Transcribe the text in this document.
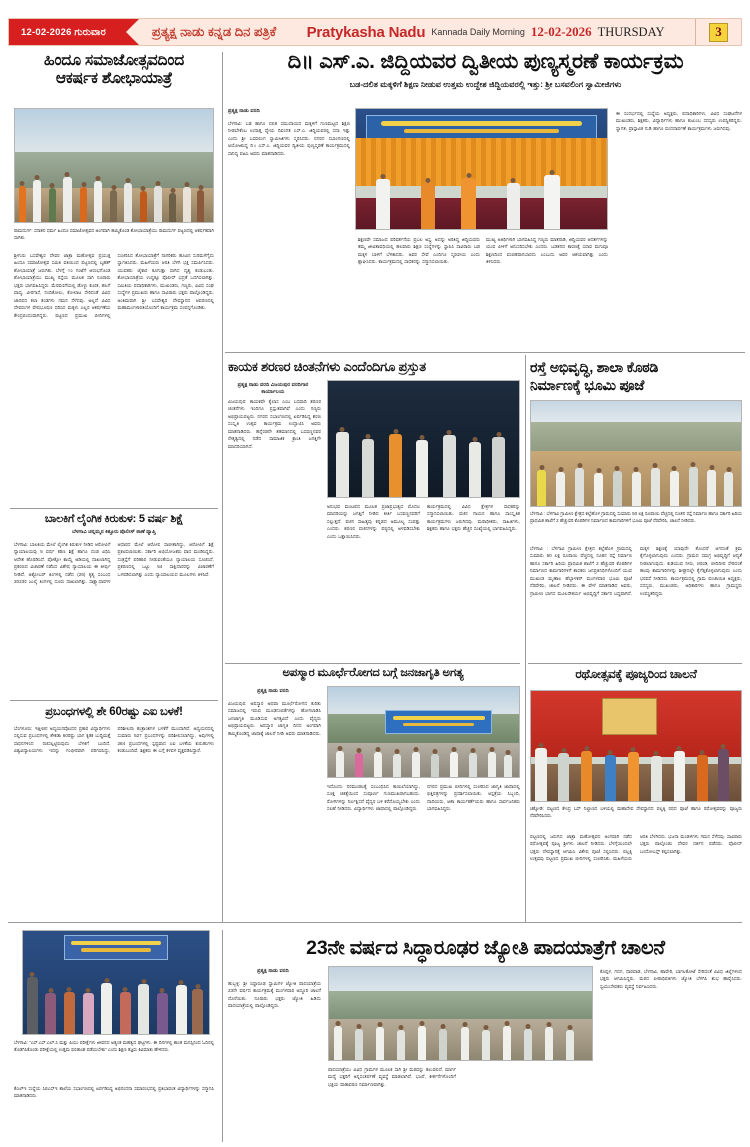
12-02-2026 ಗುರುವಾರ	ಪ್ರತ್ಯಕ್ಷ ನಾಡು ಕನ್ನಡ ದಿನ ಪತ್ರಿಕೆ Pratykasha Nadu Kannada Daily Morning 12-02-2026 THURSDAY	3
ಹಿಂದೂ ಸಮಾಜೋತ್ಸವದಿಂದ
ಆಕರ್ಷಕ ಶೋಭಾಯಾತ್ರೆ
ರಾಮದುರ್ಗ: ಸನಾತನ ಧರ್ಮ ಹಿಂದೂ ಸಮಾಜೋತ್ಸವದ ಅಂಗವಾಗಿ ಹಮ್ಮಿಕೊಂಡ ಶೋಭಾಯಾತ್ರೆಯು ರಾಮದುರ್ಗ ಪಟ್ಟಣದಲ್ಲಿ ಆಕರ್ಷಕವಾಗಿ ಸಾಗಿತು.
ಶ್ರೀಗುರು ಬಸವೇಶ್ವರ ದೇವರ ಜಾತ್ರಾ ಮಹೋತ್ಸವ ಪ್ರಯುಕ್ತ ಹಿಂದೂ ಸಮಾಜೋತ್ಸವ ಸಮಿತಿ ವತಿಯಿಂದ ಪಟ್ಟಣದಲ್ಲಿ ಬೃಹತ್ ಶೋಭಾಯಾತ್ರೆ ಜರುಗಿತು. ಬೆಳಗ್ಗೆ ೧೦ ಗಂಟೆಗೆ ಆರಂಭಗೊಂಡ ಶೋಭಾಯಾತ್ರೆಯು ಮುಖ್ಯ ರಸ್ತೆಯ ಮೂಲಕ ಸಾಗಿ ನೂರಾರು ಭಕ್ತರು ಭಾಗವಹಿಸಿದ್ದರು. ಮೆರವಣಿಗೆಯಲ್ಲಿ ಡೊಳ್ಳು ಕುಣಿತ, ಹಲಗೆ ವಾದ್ಯ, ವೀರಗಾಸೆ, ನಂದಿಕೋಲು, ಕೋಲಾಟ ಸೇರಿದಂತೆ ವಿವಿಧ ಜಾನಪದ ಕಲಾ ತಂಡಗಳು ಗಮನ ಸೆಳೆದವು. ಅಲ್ಲದೆ ವಿವಿಧ ದೇವರುಗಳ ವೇಷಭೂಷಣ ಧರಿಸಿದ ಮಕ್ಕಳು ಎಲ್ಲರ ಆಕರ್ಷಣೆಯ ಕೇಂದ್ರಬಿಂದುವಾಗಿದ್ದರು. ಪಟ್ಟಣದ ಪ್ರಮುಖ ಬೀದಿಗಳಲ್ಲಿ ಸಂಚರಿಸಿದ ಶೋಭಾಯಾತ್ರೆಗೆ ನಾಗರಿಕರು ಹೂವಿನ ಸುರಿಮಳೆಗೈದು ಸ್ವಾಗತಿಸಿದರು. ಮಹಿಳೆಯರು ಆರತಿ ಬೆಳಗಿ ಭಕ್ತಿ ಸಮರ್ಪಿಸಿದರು. ಯುವಕರು ಜೈಕಾರ ಕೂಗುತ್ತಾ ಸಾಗಿದ ದೃಶ್ಯ ಕಂಡುಬಂತು. ಶೋಭಾಯಾತ್ರೆಯ ಉದ್ದಕ್ಕೂ ಪೊಲೀಸ್ ಭದ್ರತೆ ಒದಗಿಸಲಾಗಿತ್ತು. ಸಮಿತಿಯ ಪದಾಧಿಕಾರಿಗಳು, ಮುಖಂಡರು, ಗಣ್ಯರು, ವಿವಿಧ ಸಂಘ ಸಂಸ್ಥೆಗಳ ಪ್ರಮುಖರು ಹಾಗೂ ಸಾವಿರಾರು ಭಕ್ತರು ಪಾಲ್ಗೊಂಡಿದ್ದರು. ಅಂತಿಮವಾಗಿ ಶ್ರೀ ಬಸವೇಶ್ವರ ದೇವಸ್ಥಾನದ ಆವರಣದಲ್ಲಿ ಮಹಾಮಂಗಳಾರತಿಯೊಂದಿಗೆ ಕಾರ್ಯಕ್ರಮ ಸಂಪನ್ನಗೊಂಡಿತು.
ಬಾಲಕಿಗೆ ಲೈಂಗಿಕ ಕಿರುಕುಳ: 5 ವರ್ಷ ಶಿಕ್ಷೆ
ಬೆಳಗಾವಿ ಚನ್ನಮ್ಮನ ಕಿತ್ತೂರು ಪೊಲೀಸ್ ಠಾಣೆ ವ್ಯಾಪ್ತಿ
ಬೆಳಗಾವಿ: ಬಾಲಕಿಯ ಮೇಲೆ ಲೈಂಗಿಕ ಕಿರುಕುಳ ನೀಡಿದ ಆರೋಪಿಗೆ ನ್ಯಾಯಾಲಯವು 5 ವರ್ಷ ಕಠಿಣ ಶಿಕ್ಷೆ ಹಾಗೂ ದಂಡ ವಿಧಿಸಿ ಆದೇಶ ಹೊರಡಿಸಿದೆ. ಪೋಕ್ಸೋ ಕಾಯ್ದೆ ಅಡಿಯಲ್ಲಿ ದಾಖಲಾಗಿದ್ದ ಪ್ರಕರಣದ ವಿಚಾರಣೆ ನಡೆಸಿದ ವಿಶೇಷ ನ್ಯಾಯಾಲಯ ಈ ತೀರ್ಪು ನೀಡಿದೆ. ಅಕ್ಟೋಬರ್ ತಿಂಗಳಲ್ಲಿ ನಡೆದ (26) ಕೃತ್ಯ ಸಂಬಂಧ 2023ರ ಜುಲೈ ತಿಂಗಳಲ್ಲಿ ದೂರು ದಾಖಲಾಗಿತ್ತು. ಸಾಕ್ಷ್ಯಾಧಾರಗಳ ಆಧಾರದ ಮೇಲೆ ಆರೋಪ ಸಾಬೀತಾಗಿದ್ದು, ಆರೋಪಿಗೆ ಶಿಕ್ಷೆ ಪ್ರಕಟಿಸಲಾಯಿತು. ಸರ್ಕಾರಿ ಅಭಿಯೋಜಕರು ವಾದ ಮಂಡಿಸಿದ್ದರು. ಸಂತ್ರಸ್ತೆಗೆ ಪರಿಹಾರ ನೀಡುವಂತೆಯೂ ನ್ಯಾಯಾಲಯ ಸೂಚಿಸಿದೆ. ಪ್ರಕರಣದಲ್ಲಿ ಒಟ್ಟು 54 ಸಾಕ್ಷಿದಾರರನ್ನು ವಿಚಾರಣೆಗೆ ಒಳಪಡಿಸಲಾಗಿತ್ತು ಎಂದು ನ್ಯಾಯಾಲಯದ ಮೂಲಗಳು ತಿಳಿಸಿವೆ.
ಪ್ರಬಂಧಗಳಲ್ಲಿ ಶೇ 60ರಷ್ಟು ಎಐ ಬಳಕೆ!
ಬೆಂಗಳೂರು: ಇತ್ತೀಚಿನ ಅಧ್ಯಯನವೊಂದರ ಪ್ರಕಾರ ವಿದ್ಯಾರ್ಥಿಗಳು ಸಲ್ಲಿಸುವ ಪ್ರಬಂಧಗಳಲ್ಲಿ ಶೇಕಡಾ 60ರಷ್ಟು ಭಾಗ ಕೃತಕ ಬುದ್ಧಿಮತ್ತೆ ಸಾಧನಗಳಿಂದ ರಚಿಸಲ್ಪಟ್ಟಿರುವುದು ಬೆಳಕಿಗೆ ಬಂದಿದೆ. ವಿಶ್ವವಿದ್ಯಾಲಯಗಳು ಇದನ್ನು ಗಂಭೀರವಾಗಿ ಪರಿಗಣಿಸಿದ್ದು, ಪರಿಶೀಲನಾ ತಂತ್ರಾಂಶಗಳ ಬಳಕೆಗೆ ಮುಂದಾಗಿವೆ. ಅಧ್ಯಯನದಲ್ಲಿ ಸುಮಾರು 527 ಪ್ರಬಂಧಗಳನ್ನು ಪರಿಶೀಲಿಸಲಾಗಿದ್ದು, ಅವುಗಳಲ್ಲಿ 284 ಪ್ರಬಂಧಗಳಲ್ಲಿ ಸ್ಪಷ್ಟವಾದ ಎಐ ಬಳಕೆಯ ಕುರುಹುಗಳು ಕಂಡುಬಂದಿವೆ. ಶಿಕ್ಷಕರು ಈ ಬಗ್ಗೆ ಕಳವಳ ವ್ಯಕ್ತಪಡಿಸಿದ್ದಾರೆ.
ದಿ॥ ಎಸ್.ಎ. ಜಿದ್ದಿಯವರ ದ್ವಿತೀಯ ಪುಣ್ಯಸ್ಮರಣೆ ಕಾರ್ಯಕ್ರಮ
ಬಡ-ದಲಿತ ಮಕ್ಕಳಿಗೆ ಶಿಕ್ಷಣ ನೀಡುವ ಉತ್ತಮ ಉದ್ದೇಶ ಜಿದ್ದಿಯವರಲ್ಲಿ ಇತ್ತು: ಶ್ರೀ ಬಸವಲಿಂಗ ಸ್ವಾಮೀಜಿಗಳು
ಪ್ರತ್ಯಕ್ಷ ನಾಡು ವರದಿ
ಬೆಳಗಾವಿ: ಬಡ ಹಾಗೂ ದಲಿತ ಸಮುದಾಯದ ಮಕ್ಕಳಿಗೆ ಗುಣಮಟ್ಟದ ಶಿಕ್ಷಣ ನೀಡಬೇಕೆಂಬ ಉದಾತ್ತ ಧ್ಯೇಯ ದಿವಂಗತ ಎಸ್.ಎ. ಜಿದ್ದಿಯವರಲ್ಲಿ ಸದಾ ಇತ್ತು ಎಂದು ಶ್ರೀ ಬಸವಲಿಂಗ ಸ್ವಾಮೀಜಿಗಳು ಸ್ಮರಿಸಿದರು. ನಗರದ ಸಭಾಂಗಣದಲ್ಲಿ ಆಯೋಜಿಸಿದ್ದ ದಿ॥ ಎಸ್.ಎ. ಜಿದ್ದಿಯವರ ದ್ವಿತೀಯ ಪುಣ್ಯಸ್ಮರಣೆ ಕಾರ್ಯಕ್ರಮದಲ್ಲಿ ಸಾನಿಧ್ಯ ವಹಿಸಿ ಅವರು ಮಾತನಾಡಿದರು.
ಶಿಕ್ಷಣವೇ ಸಮಾಜದ ಪರಿವರ್ತನೆಯ ಪ್ರಬಲ ಅಸ್ತ್ರ. ಅದನ್ನು ಅರಿತಿದ್ದ ಜಿದ್ದಿಯವರು ತಮ್ಮ ಜೀವಿತಾವಧಿಯಲ್ಲಿ ಹಲವಾರು ಶಿಕ್ಷಣ ಸಂಸ್ಥೆಗಳನ್ನು ಸ್ಥಾಪಿಸಿ ಸಾವಿರಾರು ಬಡ ಮಕ್ಕಳ ಬಾಳಿಗೆ ಬೆಳಕಾದರು. ಅವರ ಸೇವೆ ಎಂದಿಗೂ ಸ್ಮರಣೀಯ ಎಂದು ಶ್ಲಾಘಿಸಿದರು. ಕಾರ್ಯಕ್ರಮದಲ್ಲಿ ಸಾಧಕರನ್ನು ಸನ್ಮಾನಿಸಲಾಯಿತು.
ಮುಖ್ಯ ಅತಿಥಿಗಳಾಗಿ ಭಾಗವಹಿಸಿದ್ದ ಗಣ್ಯರು ಮಾತನಾಡಿ, ಜಿದ್ದಿಯವರ ಆದರ್ಶಗಳನ್ನು ಯುವ ಪೀಳಿಗೆ ಅನುಸರಿಸಬೇಕು ಎಂದರು. ಬಡತನದ ಕಾರಣಕ್ಕೆ ಯಾವ ಮಗುವೂ ಶಿಕ್ಷಣದಿಂದ ವಂಚಿತವಾಗಬಾರದು ಎಂಬುದು ಅವರ ಆಶಯವಾಗಿತ್ತು ಎಂದು ತಿಳಿಸಿದರು.
ಈ ಸಂದರ್ಭದಲ್ಲಿ ಸಂಸ್ಥೆಯ ಅಧ್ಯಕ್ಷರು, ಪದಾಧಿಕಾರಿಗಳು, ವಿವಿಧ ಸಂಘಟನೆಗಳ ಮುಖಂಡರು, ಶಿಕ್ಷಕರು, ವಿದ್ಯಾರ್ಥಿಗಳು ಹಾಗೂ ಕುಟುಂಬ ಸದಸ್ಯರು ಉಪಸ್ಥಿತರಿದ್ದರು. ಸ್ವಾಗತ, ಪ್ರಾಸ್ತಾವಿಕ ನುಡಿ ಹಾಗೂ ವಂದನಾರ್ಪಣೆ ಕಾರ್ಯಕ್ರಮಗಳು ಜರುಗಿದವು.
ಕಾಯಕ ಶರಣರ ಚಿಂತನೆಗಳು ಎಂದೆಂದಿಗೂ ಪ್ರಸ್ತುತ
ಪ್ರತ್ಯಕ್ಷ ನಾಡು ವರದಿ ವಿಜಯಪುರ ವರದಿಗಾರ ಕಾರ್ಯಾಲಯ
ವಿಜಯಪುರ: ಕಾಯಕವೇ ಕೈಲಾಸ ಎಂಬ ಬಸವಾದಿ ಶರಣರ ಚಿಂತನೆಗಳು ಇಂದಿಗೂ ಪ್ರಸ್ತುತವಾಗಿವೆ ಎಂದು ಗಣ್ಯರು ಅಭಿಪ್ರಾಯಪಟ್ಟರು. ನಗರದ ಸಭಾಂಗಣದಲ್ಲಿ ಏರ್ಪಡಿಸಿದ್ದ ಶರಣ ಸಂಸ್ಕೃತಿ ಉತ್ಸವ ಕಾರ್ಯಕ್ರಮ ಉದ್ಘಾಟಿಸಿ ಅವರು ಮಾತನಾಡಿದರು. ಹನ್ನೆರಡನೇ ಶತಮಾನದಲ್ಲಿ ಬಸವಣ್ಣನವರ ನೇತೃತ್ವದಲ್ಲಿ ನಡೆದ ಸಾಮಾಜಿಕ ಕ್ರಾಂತಿ ಜಗತ್ತಿಗೇ ಮಾದರಿಯಾಗಿದೆ.
ಅನುಭವ ಮಂಟಪದ ಮೂಲಕ ಪ್ರಜಾಪ್ರಭುತ್ವದ ಮೊದಲ ಮಾದರಿಯನ್ನು ಜಗತ್ತಿಗೆ ನೀಡಿದ ಕೀರ್ತಿ ಬಸವಣ್ಣನವರಿಗೆ ಸಲ್ಲುತ್ತದೆ. ವಚನ ಸಾಹಿತ್ಯವು ಕನ್ನಡದ ಅಮೂಲ್ಯ ಸಂಪತ್ತು ಎಂದರು. ಶರಣರ ವಚನಗಳನ್ನು ಪಠ್ಯದಲ್ಲಿ ಅಳವಡಿಸಬೇಕು ಎಂದು ಒತ್ತಾಯಿಸಿದರು.
ಕಾರ್ಯಕ್ರಮದಲ್ಲಿ ವಿವಿಧ ಕ್ಷೇತ್ರಗಳ ಸಾಧಕರನ್ನು ಸನ್ಮಾನಿಸಲಾಯಿತು. ವಚನ ಗಾಯನ ಹಾಗೂ ಸಾಂಸ್ಕೃತಿಕ ಕಾರ್ಯಕ್ರಮಗಳು ಜರುಗಿದವು. ಮಠಾಧೀಶರು, ಸಾಹಿತಿಗಳು, ಶಿಕ್ಷಕರು ಹಾಗೂ ಭಕ್ತರು ಹೆಚ್ಚಿನ ಸಂಖ್ಯೆಯಲ್ಲಿ ಭಾಗವಹಿಸಿದ್ದರು.
ರಸ್ತೆ ಅಭಿವೃದ್ಧಿ, ಶಾಲಾ ಕೊಠಡಿ
ನಿರ್ಮಾಣಕ್ಕೆ ಭೂಮಿ ಪೂಜೆ
ಬೆಳಗಾವಿ : ಬೆಳಗಾವಿ ಗ್ರಾಮೀಣ ಕ್ಷೇತ್ರದ ಕಲ್ಲೆಹೊಳ ಗ್ರಾಮದಲ್ಲಿ ಸುಮಾರು 50 ಲಕ್ಷ ರೂಪಾಯಿ ವೆಚ್ಚದಲ್ಲಿ ನೂತನ ರಸ್ತೆ ನಿರ್ಮಾಣ ಹಾಗೂ ಸರ್ಕಾರಿ ಹಿರಿಯ ಪ್ರಾಥಮಿಕ ಶಾಲೆಗೆ 2 ಹೆಚ್ಚುವರಿ ಕೊಠಡಿಗಳ ನಿರ್ಮಾಣದ ಕಾಮಗಾರಿಗಳಿಗೆ ಭೂಮಿ ಪೂಜೆ ನೆರವೇರಿಸಿ, ಚಾಲನೆ ನೀಡಿದರು.
ಬೆಳಗಾವಿ : ಬೆಳಗಾವಿ ಗ್ರಾಮೀಣ ಕ್ಷೇತ್ರದ ಕಲ್ಲೆಹೊಳ ಗ್ರಾಮದಲ್ಲಿ ಸುಮಾರು 50 ಲಕ್ಷ ರೂಪಾಯಿ ವೆಚ್ಚದಲ್ಲಿ ನೂತನ ರಸ್ತೆ ನಿರ್ಮಾಣ ಹಾಗೂ ಸರ್ಕಾರಿ ಹಿರಿಯ ಪ್ರಾಥಮಿಕ ಶಾಲೆಗೆ 2 ಹೆಚ್ಚುವರಿ ಕೊಠಡಿಗಳ ನಿರ್ಮಾಣದ ಕಾಮಗಾರಿಗಳಿಗೆ ಶಾಸಕರು ಜನಪ್ರತಿನಿಧಿಗಳೊಂದಿಗೆ ಯುವ ಮುಖಂಡ ಮೃಣಾಲ ಹೆಬ್ಬಾಳಕರ್ ಮಂಗಳವಾರ ಭೂಮಿ ಪೂಜೆ ನೆರವೇರಿಸಿ, ಚಾಲನೆ ನೀಡಿದರು. ಈ ವೇಳೆ ಮಾತನಾಡಿದ ಅವರು, ಗ್ರಾಮೀಣ ಭಾಗದ ಮೂಲಸೌಕರ್ಯ ಅಭಿವೃದ್ಧಿಗೆ ಸರ್ಕಾರ ಬದ್ಧವಾಗಿದೆ. ಮಕ್ಕಳ ಶಿಕ್ಷಣಕ್ಕೆ ಯಾವುದೇ ತೊಂದರೆ ಆಗದಂತೆ ಕ್ರಮ ಕೈಗೊಳ್ಳಲಾಗುವುದು ಎಂದರು. ಗ್ರಾಮದ ಸಮಗ್ರ ಅಭಿವೃದ್ಧಿಗೆ ಆದ್ಯತೆ ನೀಡಲಾಗುವುದು. ಕುಡಿಯುವ ನೀರು, ಚರಂಡಿ, ಬೀದಿದೀಪ ಸೇರಿದಂತೆ ಹಲವು ಕಾಮಗಾರಿಗಳನ್ನು ಶೀಘ್ರದಲ್ಲೇ ಕೈಗೆತ್ತಿಕೊಳ್ಳಲಾಗುವುದು ಎಂದು ಭರವಸೆ ನೀಡಿದರು. ಕಾರ್ಯಕ್ರಮದಲ್ಲಿ ಗ್ರಾಮ ಪಂಚಾಯಿತಿ ಅಧ್ಯಕ್ಷರು, ಸದಸ್ಯರು, ಮುಖಂಡರು, ಅಧಿಕಾರಿಗಳು ಹಾಗೂ ಗ್ರಾಮಸ್ಥರು ಉಪಸ್ಥಿತರಿದ್ದರು.
ಅಪಸ್ಮಾರ ಮೂರ್ಛೆರೋಗದ ಬಗ್ಗೆ ಜನಜಾಗೃತಿ ಅಗತ್ಯ
ಪ್ರತ್ಯಕ್ಷ ನಾಡು ವರದಿ
ವಿಜಯಪುರ: ಅಪಸ್ಮಾರ ಅಥವಾ ಮೂರ್ಛೆರೋಗದ ಕುರಿತು ಸಮಾಜದಲ್ಲಿ ಇರುವ ಮೂಢನಂಬಿಕೆಗಳನ್ನು ಹೋಗಲಾಡಿಸಿ ಜನಜಾಗೃತಿ ಮೂಡಿಸುವ ಅಗತ್ಯವಿದೆ ಎಂದು ವೈದ್ಯರು ಅಭಿಪ್ರಾಯಪಟ್ಟರು. ಅಪಸ್ಮಾರ ಜಾಗೃತಿ ದಿನದ ಅಂಗವಾಗಿ ಹಮ್ಮಿಕೊಂಡಿದ್ದ ಜಾಥಾಕ್ಕೆ ಚಾಲನೆ ನೀಡಿ ಅವರು ಮಾತನಾಡಿದರು.
ಇದೊಂದು ನರಮಂಡಲಕ್ಕೆ ಸಂಬಂಧಿಸಿದ ಕಾಯಿಲೆಯಾಗಿದ್ದು, ಸೂಕ್ತ ಚಿಕಿತ್ಸೆಯಿಂದ ಸಂಪೂರ್ಣ ಗುಣಮುಖರಾಗಬಹುದು. ರೋಗಿಗಳನ್ನು ನಿರ್ಲಕ್ಷಿಸದೆ ವೈದ್ಯರ ಬಳಿ ಕರೆದೊಯ್ಯಬೇಕು ಎಂದು ಸಲಹೆ ನೀಡಿದರು. ವಿದ್ಯಾರ್ಥಿಗಳು ಜಾಥಾದಲ್ಲಿ ಪಾಲ್ಗೊಂಡಿದ್ದರು.
ನಗರದ ಪ್ರಮುಖ ಬೀದಿಗಳಲ್ಲಿ ಸಂಚರಿಸಿದ ಜಾಗೃತಿ ಜಾಥಾದಲ್ಲಿ ಭಿತ್ತಿಪತ್ರಗಳನ್ನು ಪ್ರದರ್ಶಿಸಲಾಯಿತು. ಆಸ್ಪತ್ರೆಯ ಸಿಬ್ಬಂದಿ, ದಾದಿಯರು, ಆಶಾ ಕಾರ್ಯಕರ್ತೆಯರು ಹಾಗೂ ಸಾರ್ವಜನಿಕರು ಭಾಗವಹಿಸಿದ್ದರು.
ರಥೋತ್ಸವಕ್ಕೆ ಪೂಜ್ಯರಿಂದ ಚಾಲನೆ
ಚಿಕ್ಕೋಡಿ: ಪಟ್ಟಣದ ಕೇಂದ್ರ ಬಸ್ ನಿಲ್ದಾಣದ ಬಳಿಯಲ್ಲಿ ಮಹಾದೇವ ದೇವಸ್ಥಾನದ ಪಲ್ಲಕ್ಕಿ ರಥದ ಪೂಜೆ ಹಾಗೂ ರಥೋತ್ಸವವನ್ನು ಪೂಜ್ಯರು ನೆರವೇರಿಸಿದರು.
ಪಟ್ಟಣದಲ್ಲಿ ಜರುಗಿದ ಜಾತ್ರಾ ಮಹೋತ್ಸವದ ಅಂಗವಾಗಿ ನಡೆದ ರಥೋತ್ಸವಕ್ಕೆ ಪೂಜ್ಯ ಶ್ರೀಗಳು ಚಾಲನೆ ನೀಡಿದರು. ಬೆಳಗ್ಗೆಯಿಂದಲೇ ಭಕ್ತರು ದೇವಸ್ಥಾನಕ್ಕೆ ಆಗಮಿಸಿ ವಿಶೇಷ ಪೂಜೆ ಸಲ್ಲಿಸಿದರು. ಪಲ್ಲಕ್ಕಿ ಉತ್ಸವವು ಪಟ್ಟಣದ ಪ್ರಮುಖ ಬೀದಿಗಳಲ್ಲಿ ಸಂಚರಿಸಿತು. ಮಹಿಳೆಯರು ಆರತಿ ಬೆಳಗಿದರು. ಭಜನಾ ಮಂಡಳಿಗಳು ಗಮನ ಸೆಳೆದವು. ಸಾವಿರಾರು ಭಕ್ತರು ಪಾಲ್ಗೊಂಡು ದೇವರ ದರ್ಶನ ಪಡೆದರು. ಪೊಲೀಸ್ ಬಂದೋಬಸ್ತ್ ಕಲ್ಪಿಸಲಾಗಿತ್ತು.
ಬೆಳಗಾವಿ: "ಎಸ್.ಎಸ್.ಎಲ್.ಸಿ ಮತ್ತು ಪಿಯು ಪರೀಕ್ಷೆಗಳು ಜೀವನದ ಅತ್ಯಂತ ಮಹತ್ವದ ಘಟ್ಟಗಳು. ಈ ದಿನಗಳಲ್ಲಿ ಶಾಂತ ಮನಸ್ಸಿನಿಂದ ಓದಿನಲ್ಲಿ ತೊಡಗಿಸಿಕೊಂಡು ಪರೀಕ್ಷೆಯಲ್ಲಿ ಉತ್ತಮ ಫಲಿತಾಂಶ ಪಡೆಯಬೇಕು" ಎಂದು ಶಿಕ್ಷಣ ತಜ್ಞರು ಕಿವಿಮಾತು ಹೇಳಿದರು.
ಕೆಎಲ್‌ಇ ಸಂಸ್ಥೆಯ ಸಿಬಿಎಸ್‌ಇ ಶಾಲೆಯ ಸಭಾಂಗಣದಲ್ಲಿ ಏರ್ಪಡಿಸಿದ್ದ ಅಭಿನಂದನಾ ಸಮಾರಂಭದಲ್ಲಿ ಪ್ರತಿಭಾವಂತ ವಿದ್ಯಾರ್ಥಿಗಳನ್ನು ಸನ್ಮಾನಿಸಿ ಮಾತನಾಡಿದರು.
23ನೇ ವರ್ಷದ ಸಿದ್ಧಾರೂಢರ ಜ್ಯೋತಿ ಪಾದಯಾತ್ರೆಗೆ ಚಾಲನೆ
ಪ್ರತ್ಯಕ್ಷ ನಾಡು ವರದಿ
ಹುಬ್ಬಳ್ಳಿ: ಶ್ರೀ ಸಿದ್ಧಾರೂಢ ಸ್ವಾಮಿಗಳ ಜ್ಯೋತಿ ಪಾದಯಾತ್ರೆಯ 23ನೇ ವರ್ಷದ ಕಾರ್ಯಕ್ರಮಕ್ಕೆ ಮಂಗಳವಾರ ಅದ್ದೂರಿ ಚಾಲನೆ ದೊರೆಯಿತು. ನೂರಾರು ಭಕ್ತರು ಜ್ಯೋತಿ ಹಿಡಿದು ಪಾದಯಾತ್ರೆಯಲ್ಲಿ ಪಾಲ್ಗೊಂಡಿದ್ದರು.
ಪಾದಯಾತ್ರೆಯು ವಿವಿಧ ಗ್ರಾಮಗಳ ಮೂಲಕ ಸಾಗಿ ಶ್ರೀ ಮಠವನ್ನು ತಲುಪಲಿದೆ. ಮಾರ್ಗ ಮಧ್ಯೆ ಭಕ್ತರಿಗೆ ಅನ್ನಸಂತರ್ಪಣೆ ವ್ಯವಸ್ಥೆ ಮಾಡಲಾಗಿದೆ. ಭಜನೆ, ಕೀರ್ತನೆಗಳೊಂದಿಗೆ ಭಕ್ತಿಯ ವಾತಾವರಣ ನಿರ್ಮಾಣವಾಗಿತ್ತು.
ಕೊಪ್ಪಳ, ಗದಗ, ಧಾರವಾಡ, ಬೆಳಗಾವಿ, ಹಾವೇರಿ, ಬಾಗಲಕೋಟೆ ಸೇರಿದಂತೆ ವಿವಿಧ ಜಿಲ್ಲೆಗಳಿಂದ ಭಕ್ತರು ಆಗಮಿಸಿದ್ದರು. ಮಠದ ಪೀಠಾಧಿಪತಿಗಳು ಜ್ಯೋತಿ ಬೆಳಗಿಸಿ ಶುಭ ಹಾರೈಸಿದರು. ಸ್ವಯಂಸೇವಕರು ವ್ಯವಸ್ಥೆ ನಿರ್ವಹಿಸಿದರು.
